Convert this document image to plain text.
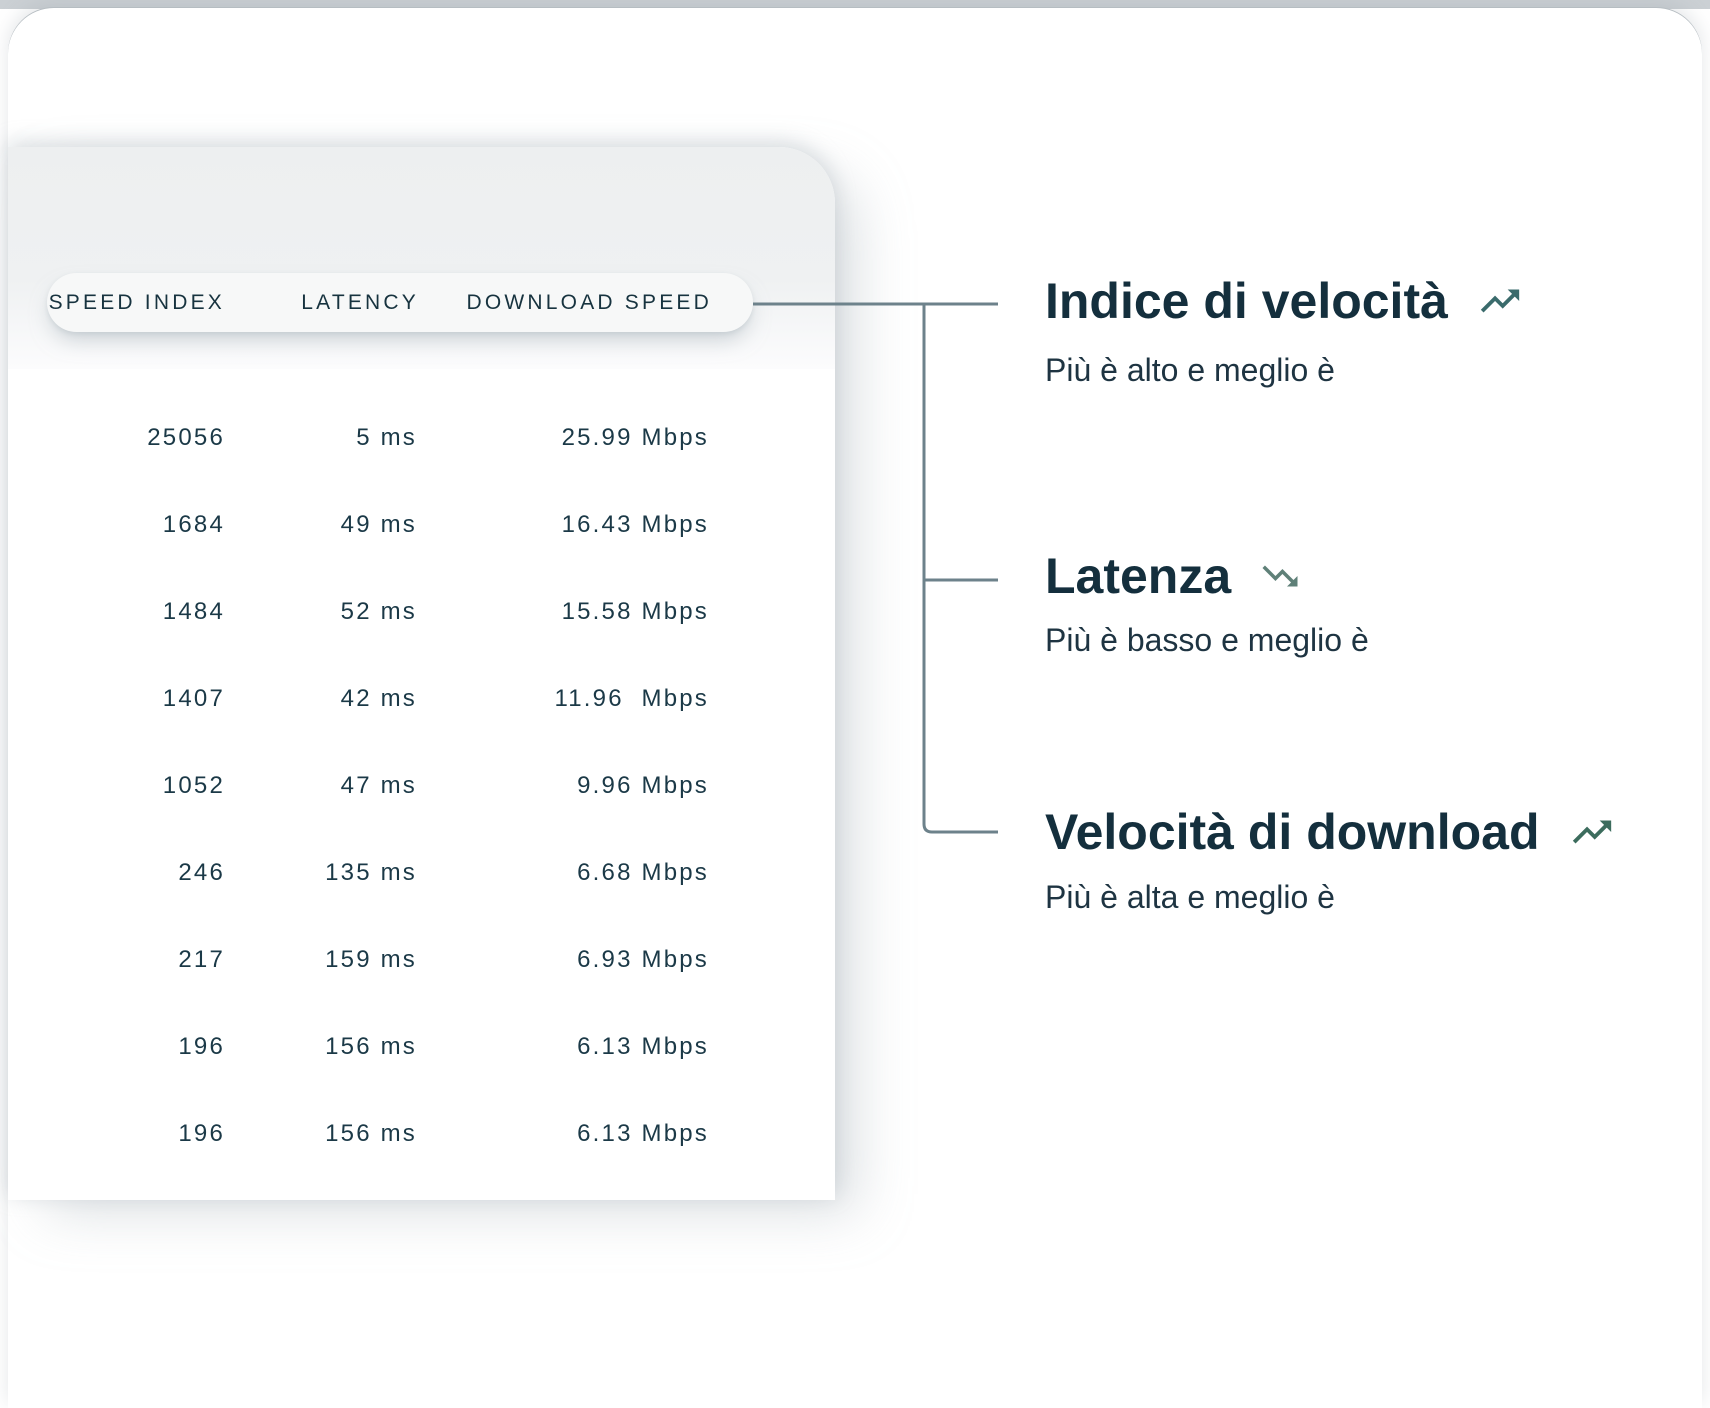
SPEED INDEX	LATENCY	DOWNLOAD SPEED
25056	5 ms	25.99 Mbps
1684	49 ms	16.43 Mbps
1484	52 ms	15.58 Mbps
1407	42 ms	11.96  Mbps
1052	47 ms	9.96 Mbps
246	135 ms	6.68 Mbps
217	159 ms	6.93 Mbps
196	156 ms	6.13 Mbps
196	156 ms	6.13 Mbps
Indice di velocità

Più è alto e meglio è

Latenza

Più è basso e meglio è

Velocità di download

Più è alta e meglio è
